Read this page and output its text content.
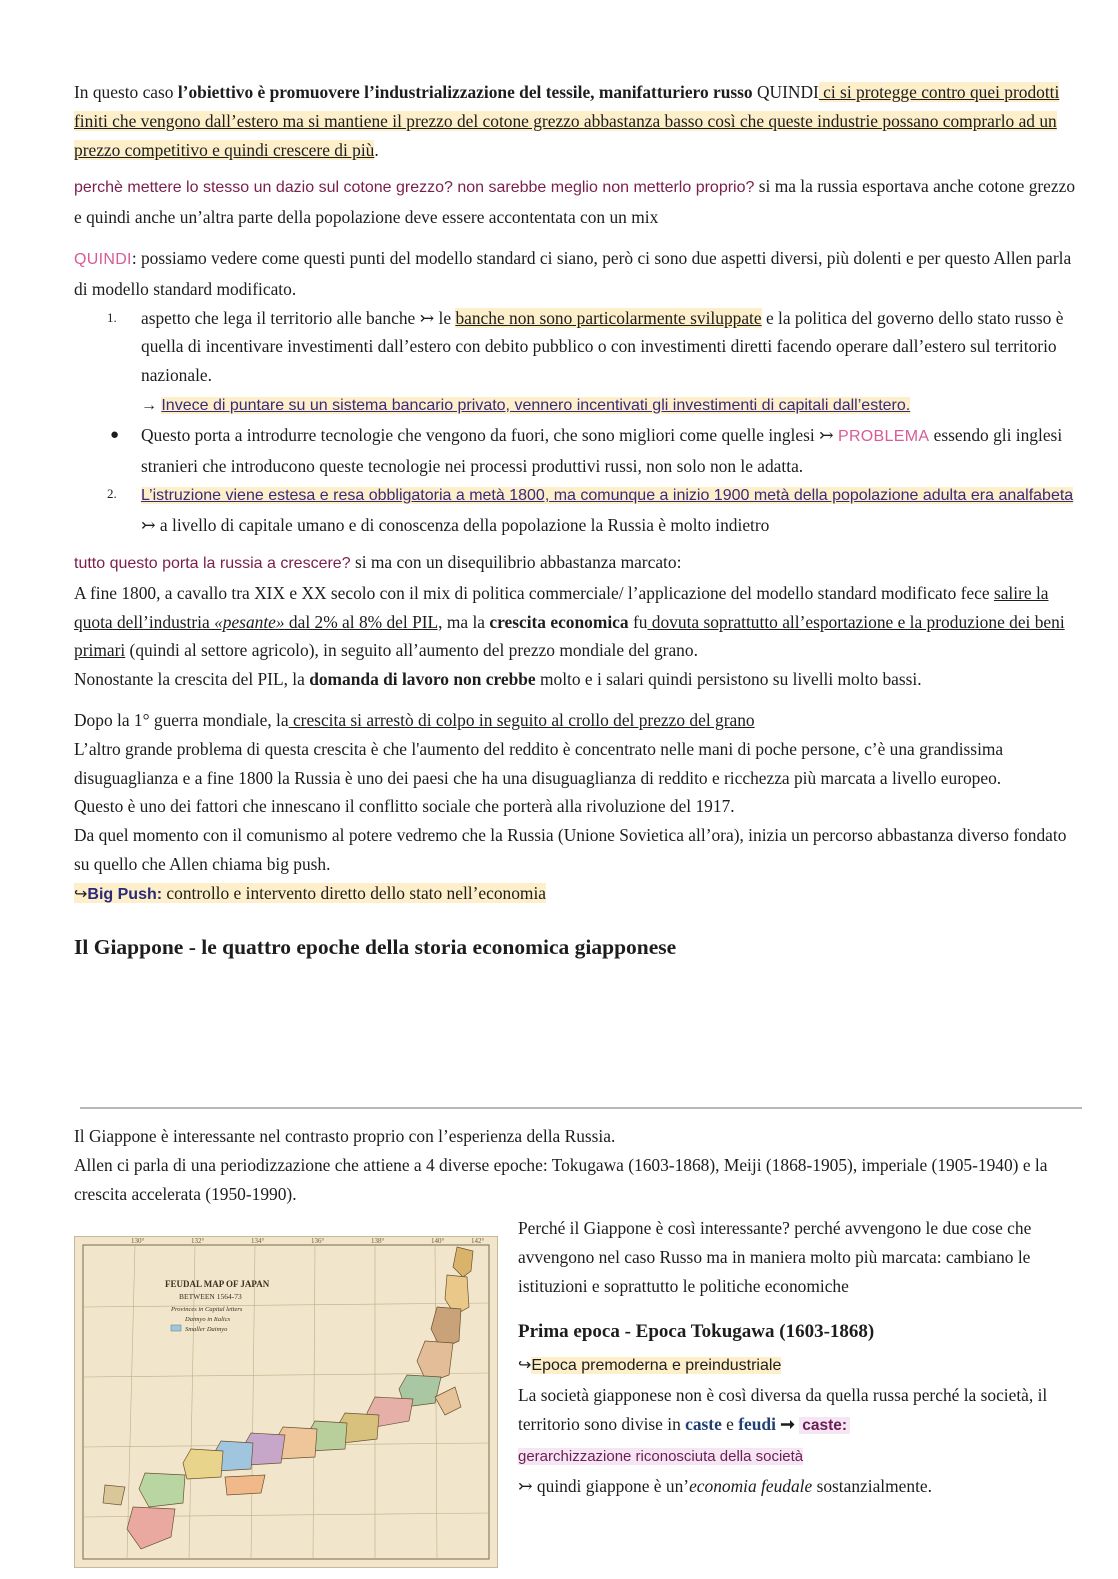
In questo caso l’obiettivo è promuovere l’industrializzazione del tessile, manifatturiero russo QUINDI ci si protegge contro quei prodotti finiti che vengono dall’estero ma si mantiene il prezzo del cotone grezzo abbastanza basso così che queste industrie possano comprarlo ad un prezzo competitivo e quindi crescere di più.

perchè mettere lo stesso un dazio sul cotone grezzo? non sarebbe meglio non metterlo proprio? si ma la russia esportava anche cotone grezzo e quindi anche un’altra parte della popolazione deve essere accontentata con un mix

QUINDI: possiamo vedere come questi punti del modello standard ci siano, però ci sono due aspetti diversi, più dolenti e per questo Allen parla di modello standard modificato.

1. aspetto che lega il territorio alle banche ↣ le banche non sono particolarmente sviluppate e la politica del governo dello stato russo è quella di incentivare investimenti dall’estero con debito pubblico o con investimenti diretti facendo operare dall’estero sul territorio nazionale.
→ Invece di puntare su un sistema bancario privato, vennero incentivati gli investimenti di capitali dall’estero.

● Questo porta a introdurre tecnologie che vengono da fuori, che sono migliori come quelle inglesi ↣ PROBLEMA essendo gli inglesi stranieri che introducono queste tecnologie nei processi produttivi russi, non solo non le adatta.

2. L’istruzione viene estesa e resa obbligatoria a metà 1800, ma comunque a inizio 1900 metà della popolazione adulta era analfabeta ↣ a livello di capitale umano e di conoscenza della popolazione la Russia è molto indietro

tutto questo porta la russia a crescere? si ma con un disequilibrio abbastanza marcato:
A fine 1800, a cavallo tra XIX e XX secolo con il mix di politica commerciale/ l’applicazione del modello standard modificato fece salire la quota dell’industria «pesante» dal 2% al 8% del PIL, ma la crescita economica fu dovuta soprattutto all’esportazione e la produzione dei beni primari (quindi al settore agricolo), in seguito all’aumento del prezzo mondiale del grano.
Nonostante la crescita del PIL, la domanda di lavoro non crebbe molto e i salari quindi persistono su livelli molto bassi.

Dopo la 1° guerra mondiale, la crescita si arrestò di colpo in seguito al crollo del prezzo del grano
L’altro grande problema di questa crescita è che l'aumento del reddito è concentrato nelle mani di poche persone, c’è una grandissima disuguaglianza e a fine 1800 la Russia è uno dei paesi che ha una disuguaglianza di reddito e ricchezza più marcata a livello europeo.
Questo è uno dei fattori che innescano il conflitto sociale che porterà alla rivoluzione del 1917.
Da quel momento con il comunismo al potere vedremo che la Russia (Unione Sovietica all’ora), inizia un percorso abbastanza diverso fondato su quello che Allen chiama big push.
↪Big Push: controllo e intervento diretto dello stato nell’economia

Il Giappone - le quattro epoche della storia economica giapponese

Il Giappone è interessante nel contrasto proprio con l’esperienza della Russia.
Allen ci parla di una periodizzazione che attiene a 4 diverse epoche: Tokugawa (1603-1868), Meiji (1868-1905), imperiale (1905-1940) e la crescita accelerata (1950-1990).

130°	132°	134°	136°	138°	140°	142°
FEUDAL MAP OF JAPAN
BETWEEN 1564-73
Provinces in Capital letters
Daimyo in Italics
Smaller Daimyo

Perché il Giappone è così interessante? perché avvengono le due cose che avvengono nel caso Russo ma in maniera molto più marcata: cambiano le istituzioni e soprattutto le politiche economiche

Prima epoca - Epoca Tokugawa (1603-1868)

↪Epoca premoderna e preindustriale

La società giapponese non è così diversa da quella russa perché la società, il territorio sono divise in caste e feudi ➞ caste:
gerarchizzazione riconosciuta della società
↣ quindi giappone è un’economia feudale sostanzialmente.
